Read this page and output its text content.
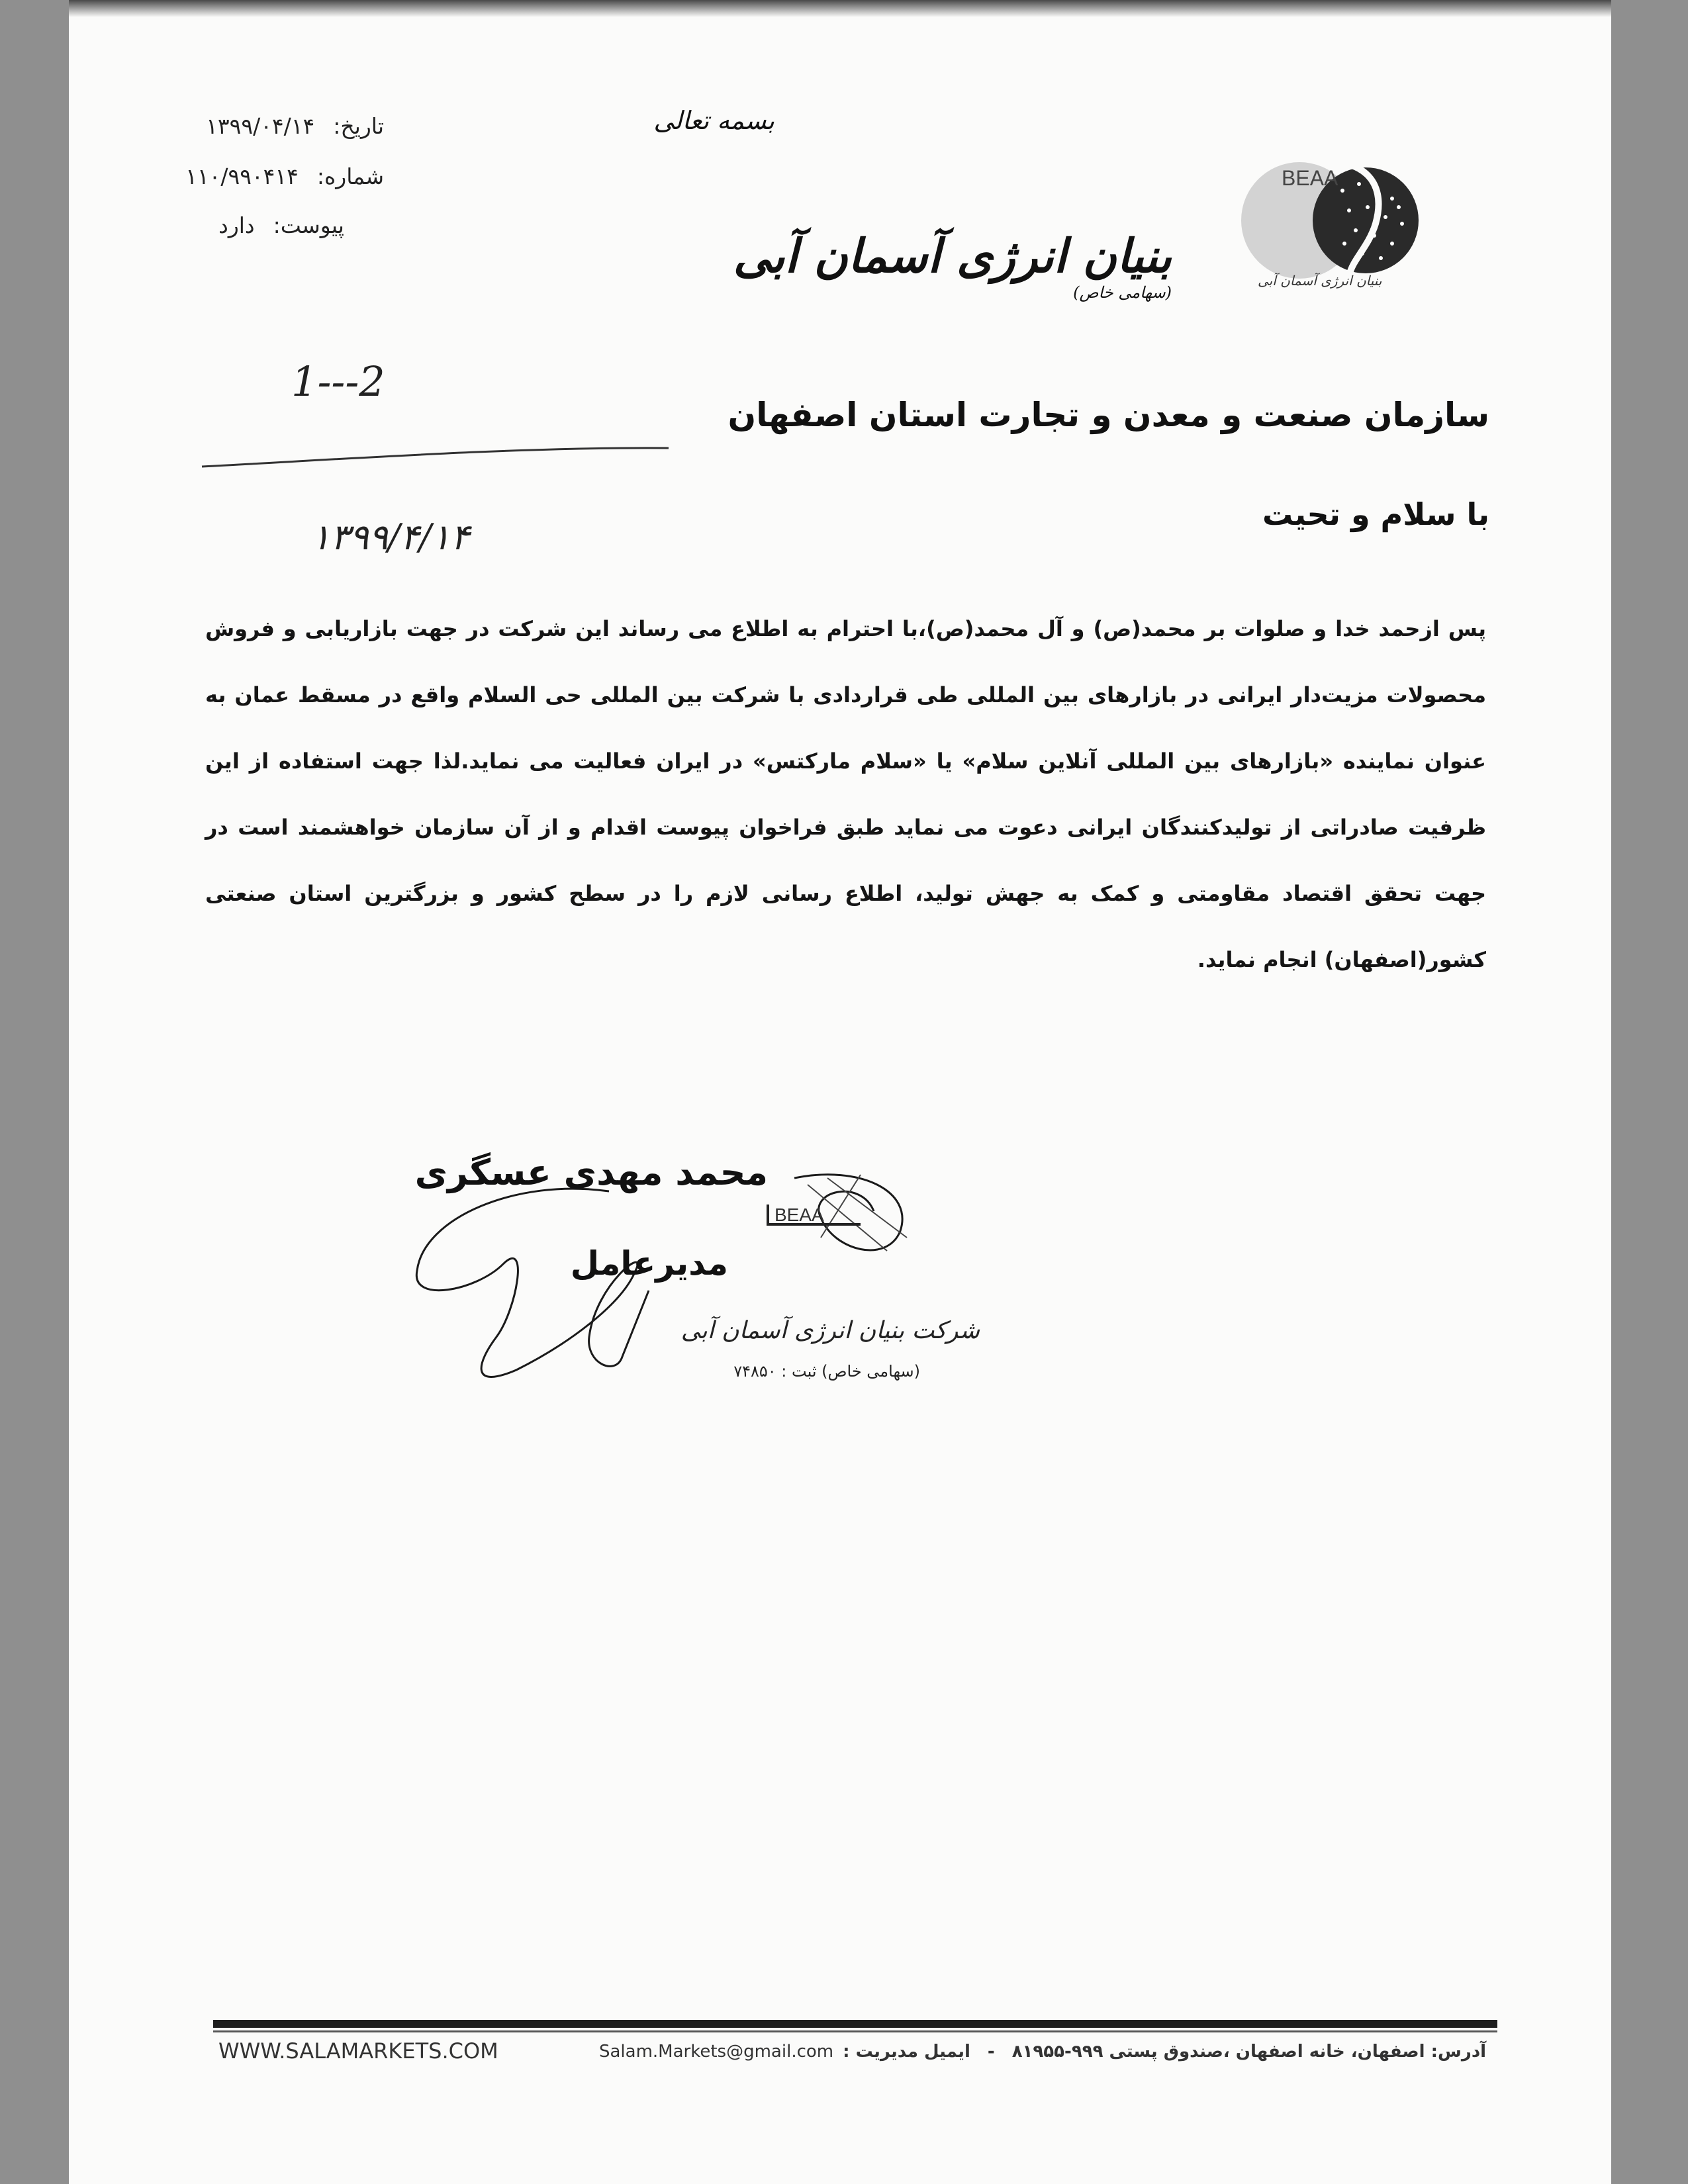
BEAA
بنیان انرژی آسمان آبی
بسمه تعالی
بنیان انرژی آسمان آبی (سهامی خاص)
تاریخ:
۱۳۹۹/۰۴/۱۴
شماره:
۱۱۰/۹۹۰۴۱۴
پیوست:
دارد
1---2
۱۳۹۹/۴/۱۴
سازمان صنعت و معدن و تجارت استان اصفهان
با سلام و تحیت
پس ازحمد خدا و صلوات بر محمد(ص) و آل محمد(ص)،با احترام به اطلاع می رساند این شرکت در جهت بازاریابی و فروش محصولات مزیت‌دار ایرانی در بازارهای بین المللی طی قراردادی با شرکت بین المللی حی السلام واقع در مسقط عمان به عنوان نماینده «بازارهای بین المللی آنلاین سلام» یا «سلام مارکتس» در ایران فعالیت می نماید.لذا جهت استفاده از این ظرفیت صادراتی از تولیدکنندگان ایرانی دعوت می نماید طبق فراخوان پیوست اقدام و از آن سازمان خواهشمند است در جهت تحقق اقتصاد مقاومتی و کمک به جهش تولید، اطلاع رسانی لازم را در سطح کشور و بزرگترین استان صنعتی کشور(اصفهان) انجام نماید.
BEAA
محمد مهدی عسگری
مدیرعامل
شرکت بنیان انرژی آسمان آبی
(سهامی خاص) ثبت : ۷۴۸۵۰
WWW.SALAMARKETS.COM	Salam.Markets@gmail.com ایمیل مدیریت : - آدرس: اصفهان، خانه اصفهان ،صندوق پستی ۹۹۹-۸۱۹۵۵
